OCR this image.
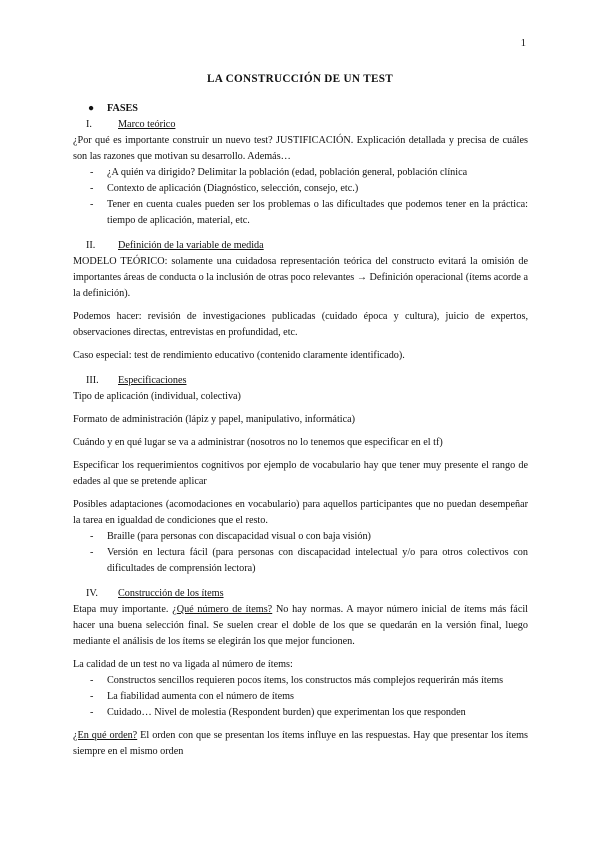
1
LA CONSTRUCCIÓN DE UN TEST
● FASES
I.	Marco teórico

¿Por qué es importante construir un nuevo test? JUSTIFICACIÓN. Explicación detallada y precisa de cuáles son las razones que motivan su desarrollo. Además…

- ¿A quién va dirigido? Delimitar la población (edad, población general, población clínica
- Contexto de aplicación (Diagnóstico, selección, consejo, etc.)
- Tener en cuenta cuales pueden ser los problemas o las dificultades que podemos tener en la práctica: tiempo de aplicación, material, etc.
II. Definición de la variable de medida

MODELO TEÓRICO: solamente una cuidadosa representación teórica del constructo evitará la omisión de importantes áreas de conducta o la inclusión de otras poco relevantes → Definición operacional (ítems acorde a la definición).

Podemos hacer: revisión de investigaciones publicadas (cuidado época y cultura), juicio de expertos, observaciones directas, entrevistas en profundidad, etc.

Caso especial: test de rendimiento educativo (contenido claramente identificado).

III. Especificaciones

Tipo de aplicación (individual, colectiva)

Formato de administración (lápiz y papel, manipulativo, informática)

Cuándo y en qué lugar se va a administrar (nosotros no lo tenemos que especificar en el tf)

Especificar los requerimientos cognitivos por ejemplo de vocabulario hay que tener muy presente el rango de edades al que se pretende aplicar

Posibles adaptaciones (acomodaciones en vocabulario) para aquellos participantes que no puedan desempeñar la tarea en igualdad de condiciones que el resto.

- Braille (para personas con discapacidad visual o con baja visión)
- Versión en lectura fácil (para personas con discapacidad intelectual y/o para otros colectivos con dificultades de comprensión lectora)
IV. Construcción de los ítems

Etapa muy importante. ¿Qué número de ítems? No hay normas. A mayor número inicial de ítems más fácil hacer una buena selección final. Se suelen crear el doble de los que se quedarán en la versión final, luego mediante el análisis de los ítems se elegirán los que mejor funcionen.

La calidad de un test no va ligada al número de ítems:

- Constructos sencillos requieren pocos ítems, los constructos más complejos requerirán más ítems
- La fiabilidad aumenta con el número de ítems
- Cuidado… Nivel de molestia (Respondent burden) que experimentan los que responden

¿En qué orden? El orden con que se presentan los ítems influye en las respuestas. Hay que presentar los ítems siempre en el mismo orden
